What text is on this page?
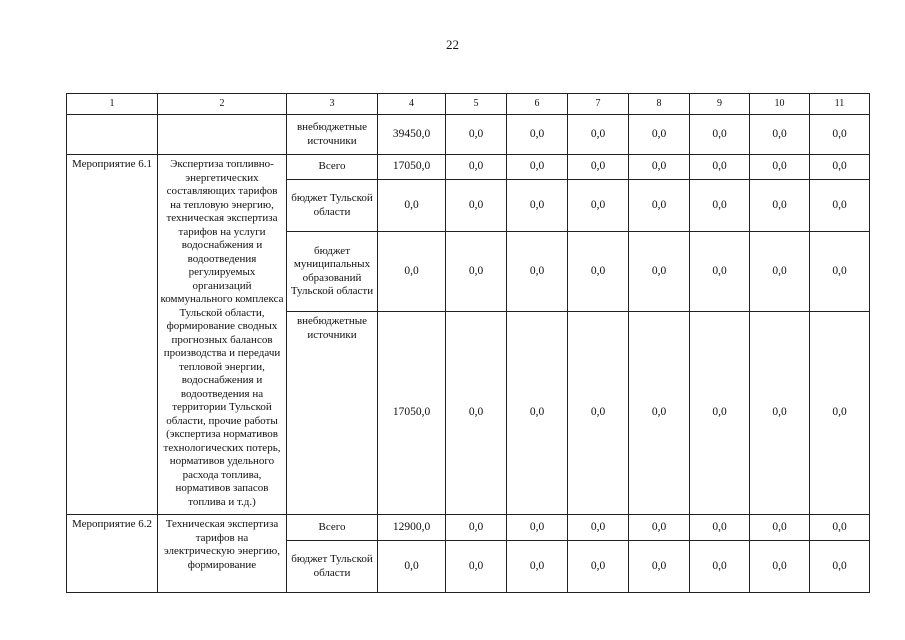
22
1	2	3	4	5	6	7	8	9	10	11
		внебюджетные источники	39450,0	0,0	0,0	0,0	0,0	0,0	0,0	0,0
Мероприятие 6.1	Экспертиза топливно-энергетических составляющих тарифов на тепловую энергию, техническая экспертиза тарифов на услуги водоснабжения и водоотведения регулируемых организаций коммунального комплекса Тульской области, формирование сводных прогнозных балансов производства и передачи тепловой энергии, водоснабжения и водоотведения на территории Тульской области, прочие работы (экспертиза нормативов технологических потерь, нормативов удельного расхода топлива, нормативов запасов топлива и т.д.)	Всего	17050,0	0,0	0,0	0,0	0,0	0,0	0,0	0,0
		бюджет Тульской области	0,0	0,0	0,0	0,0	0,0	0,0	0,0	0,0
		бюджет муниципальных образований Тульской области	0,0	0,0	0,0	0,0	0,0	0,0	0,0	0,0
		внебюджетные источники	17050,0	0,0	0,0	0,0	0,0	0,0	0,0	0,0
Мероприятие 6.2	Техническая экспертиза тарифов на электрическую энергию, формирование	Всего	12900,0	0,0	0,0	0,0	0,0	0,0	0,0	0,0
		бюджет Тульской области	0,0	0,0	0,0	0,0	0,0	0,0	0,0	0,0
